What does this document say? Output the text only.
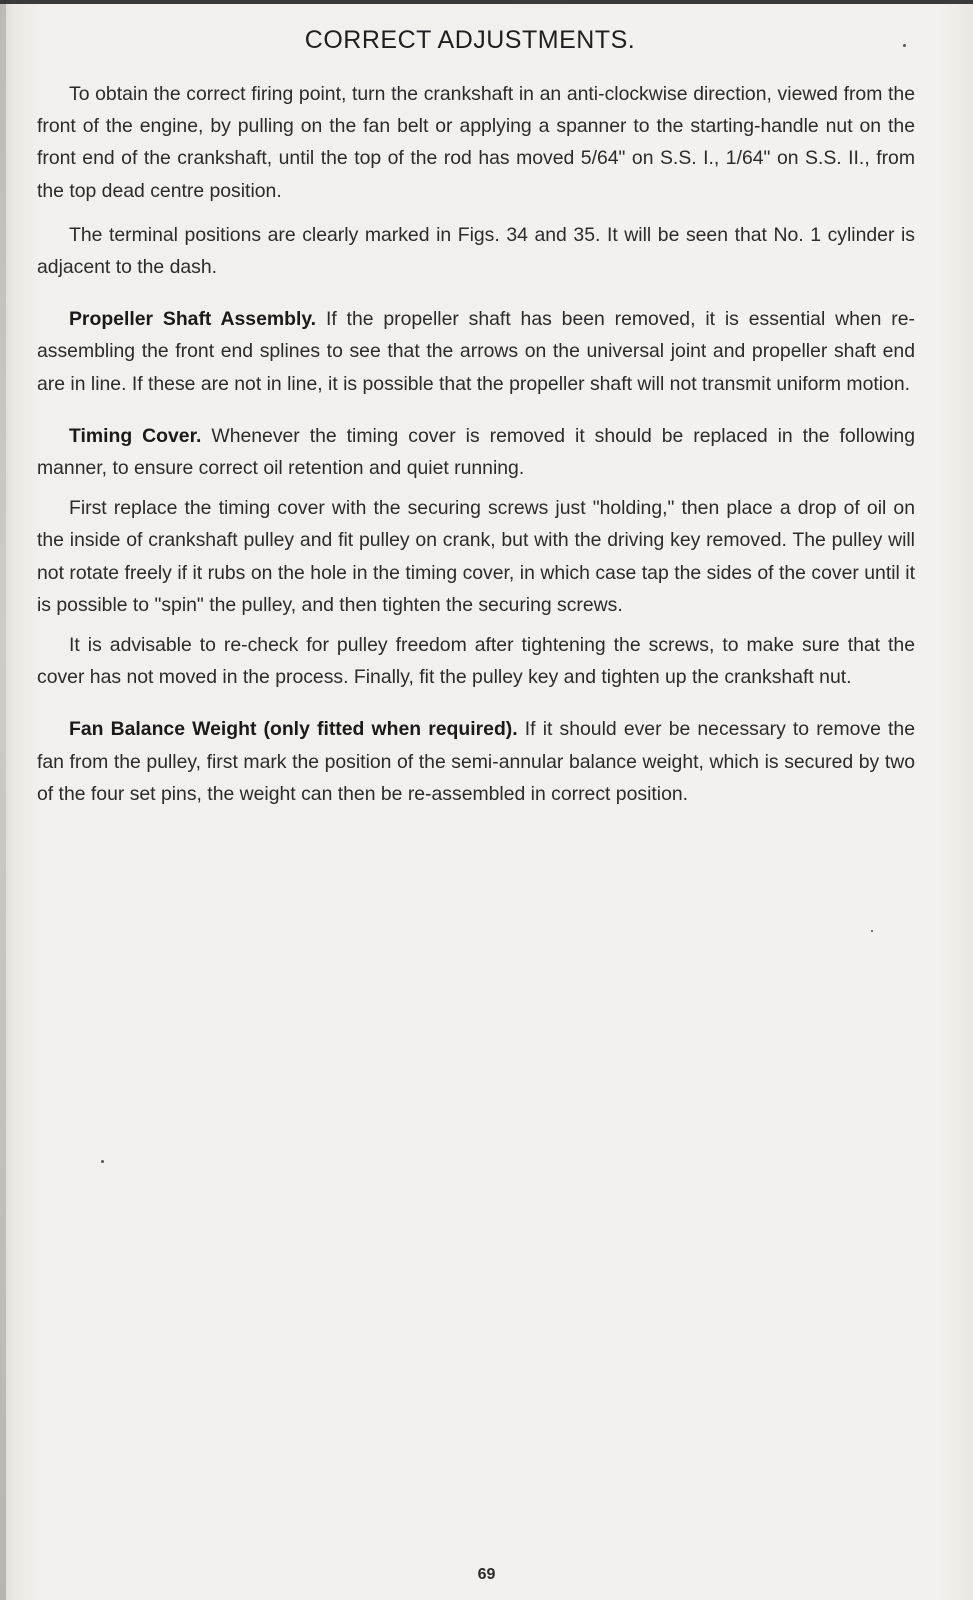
CORRECT ADJUSTMENTS.

To obtain the correct firing point, turn the crankshaft in an anti-clockwise direction, viewed from the front of the engine, by pulling on the fan belt or applying a spanner to the starting-handle nut on the front end of the crankshaft, until the top of the rod has moved 5/64" on S.S. I., 1/64" on S.S. II., from the top dead centre position.

The terminal positions are clearly marked in Figs. 34 and 35. It will be seen that No. 1 cylinder is adjacent to the dash.

Propeller Shaft Assembly. If the propeller shaft has been removed, it is essential when re-assembling the front end splines to see that the arrows on the universal joint and propeller shaft end are in line. If these are not in line, it is possible that the propeller shaft will not transmit uniform motion.

Timing Cover. Whenever the timing cover is removed it should be replaced in the following manner, to ensure correct oil retention and quiet running.

First replace the timing cover with the securing screws just "holding," then place a drop of oil on the inside of crankshaft pulley and fit pulley on crank, but with the driving key removed. The pulley will not rotate freely if it rubs on the hole in the timing cover, in which case tap the sides of the cover until it is possible to "spin" the pulley, and then tighten the securing screws.

It is advisable to re-check for pulley freedom after tightening the screws, to make sure that the cover has not moved in the process. Finally, fit the pulley key and tighten up the crankshaft nut.

Fan Balance Weight (only fitted when required). If it should ever be necessary to remove the fan from the pulley, first mark the position of the semi-annular balance weight, which is secured by two of the four set pins, the weight can then be re-assembled in correct position.

69
